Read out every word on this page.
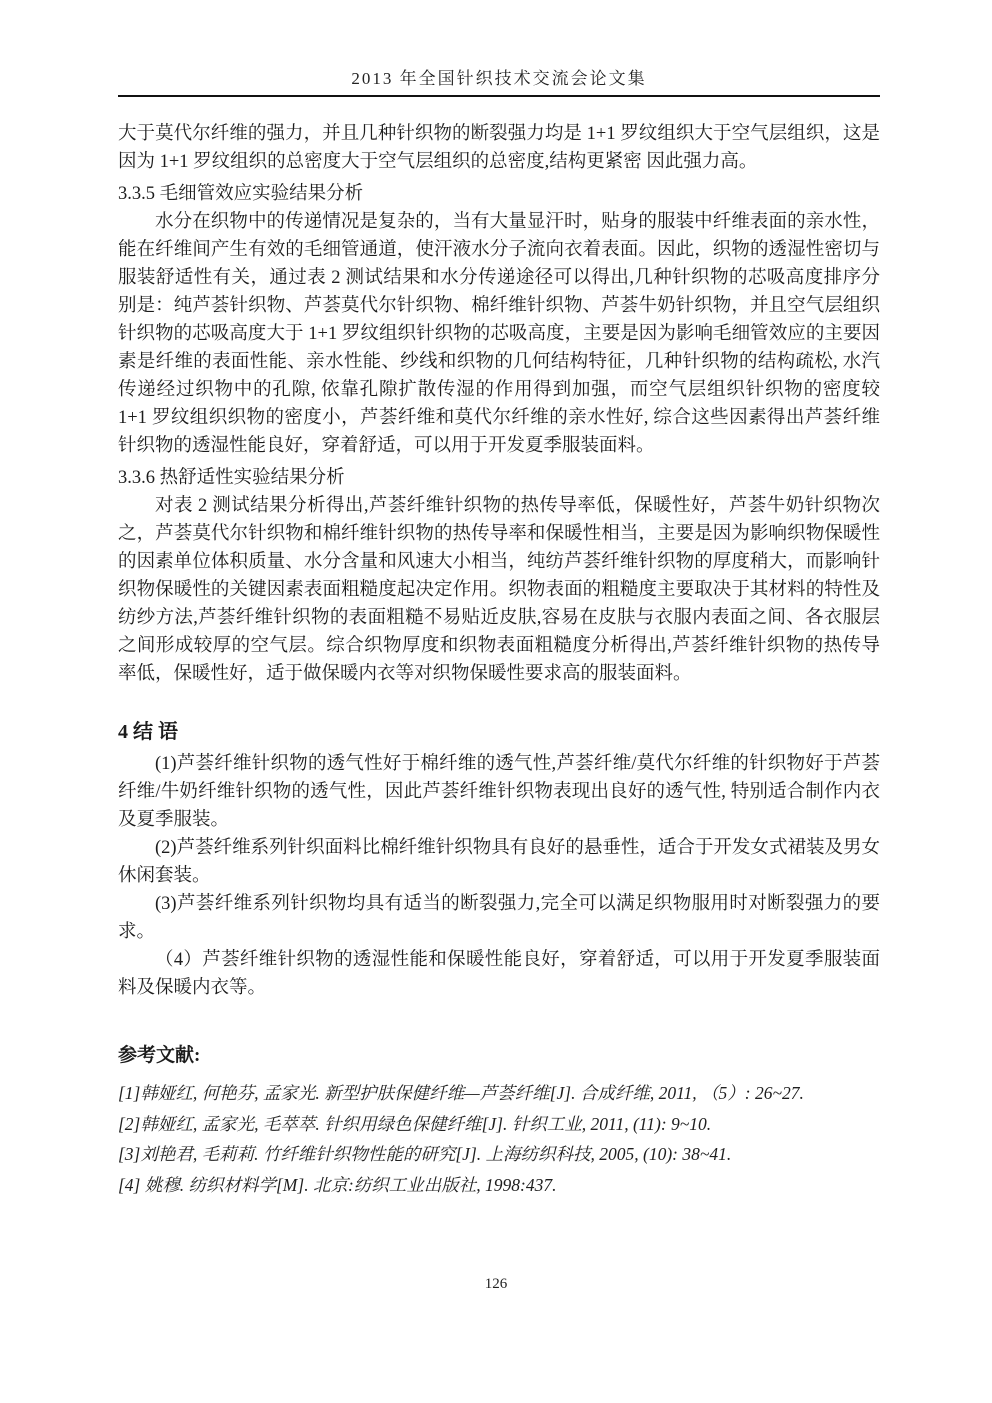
2013 年全国针织技术交流会论文集

大于莫代尔纤维的强力，并且几种针织物的断裂强力均是 1+1 罗纹组织大于空气层组织，这是因为 1+1 罗纹组织的总密度大于空气层组织的总密度,结构更紧密 因此强力高。

3.3.5 毛细管效应实验结果分析

水分在织物中的传递情况是复杂的，当有大量显汗时，贴身的服装中纤维表面的亲水性，能在纤维间产生有效的毛细管通道，使汗液水分子流向衣着表面。因此，织物的透湿性密切与服装舒适性有关，通过表 2 测试结果和水分传递途径可以得出,几种针织物的芯吸高度排序分别是：纯芦荟针织物、芦荟莫代尔针织物、棉纤维针织物、芦荟牛奶针织物，并且空气层组织针织物的芯吸高度大于 1+1 罗纹组织针织物的芯吸高度，主要是因为影响毛细管效应的主要因素是纤维的表面性能、亲水性能、纱线和织物的几何结构特征，几种针织物的结构疏松, 水汽传递经过织物中的孔隙, 依靠孔隙扩散传湿的作用得到加强，而空气层组织针织物的密度较 1+1 罗纹组织织物的密度小，芦荟纤维和莫代尔纤维的亲水性好, 综合这些因素得出芦荟纤维针织物的透湿性能良好，穿着舒适，可以用于开发夏季服装面料。

3.3.6 热舒适性实验结果分析

对表 2 测试结果分析得出,芦荟纤维针织物的热传导率低，保暖性好，芦荟牛奶针织物次之，芦荟莫代尔针织物和棉纤维针织物的热传导率和保暖性相当，主要是因为影响织物保暖性的因素单位体积质量、水分含量和风速大小相当，纯纺芦荟纤维针织物的厚度稍大，而影响针织物保暖性的关键因素表面粗糙度起决定作用。织物表面的粗糙度主要取决于其材料的特性及纺纱方法,芦荟纤维针织物的表面粗糙不易贴近皮肤,容易在皮肤与衣服内表面之间、各衣服层之间形成较厚的空气层。综合织物厚度和织物表面粗糙度分析得出,芦荟纤维针织物的热传导率低，保暖性好，适于做保暖内衣等对织物保暖性要求高的服装面料。

4 结 语

(1)芦荟纤维针织物的透气性好于棉纤维的透气性,芦荟纤维/莫代尔纤维的针织物好于芦荟纤维/牛奶纤维针织物的透气性，因此芦荟纤维针织物表现出良好的透气性, 特别适合制作内衣及夏季服装。

(2)芦荟纤维系列针织面料比棉纤维针织物具有良好的悬垂性，适合于开发女式裙装及男女休闲套装。

(3)芦荟纤维系列针织物均具有适当的断裂强力,完全可以满足织物服用时对断裂强力的要求。

（4）芦荟纤维针织物的透湿性能和保暖性能良好，穿着舒适，可以用于开发夏季服装面料及保暖内衣等。

参考文献:

[1]韩娅红, 何艳芬, 孟家光. 新型护肤保健纤维—芦荟纤维[J]. 合成纤维, 2011, （5）: 26~27.

[2]韩娅红, 孟家光, 毛萃萃. 针织用绿色保健纤维[J]. 针织工业, 2011, (11): 9~10.

[3]刘艳君, 毛莉莉. 竹纤维针织物性能的研究[J]. 上海纺织科技, 2005, (10): 38~41.

[4] 姚穆. 纺织材料学[M]. 北京:纺织工业出版社, 1998:437.

126
